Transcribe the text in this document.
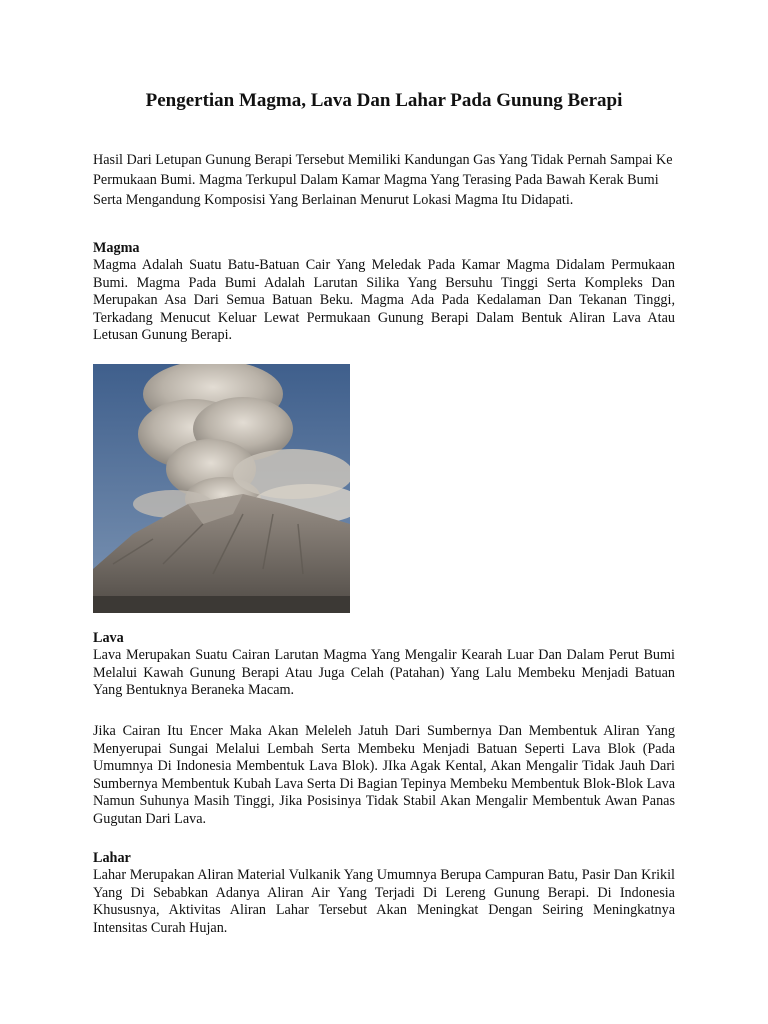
Pengertian Magma, Lava Dan Lahar Pada Gunung Berapi

Hasil Dari Letupan Gunung Berapi Tersebut Memiliki Kandungan Gas Yang Tidak Pernah Sampai Ke Permukaan Bumi. Magma Terkupul Dalam Kamar Magma Yang Terasing Pada Bawah Kerak Bumi Serta Mengandung Komposisi Yang Berlainan Menurut Lokasi Magma Itu Didapati.

Magma

Magma Adalah Suatu Batu-Batuan Cair Yang Meledak Pada Kamar Magma Didalam Permukaan Bumi. Magma Pada Bumi Adalah Larutan Silika Yang Bersuhu Tinggi Serta Kompleks Dan Merupakan Asa Dari Semua Batuan Beku. Magma Ada Pada Kedalaman Dan Tekanan Tinggi, Terkadang Menucut Keluar Lewat Permukaan Gunung Berapi Dalam Bentuk Aliran Lava Atau Letusan Gunung Berapi.

Lava

Lava Merupakan Suatu Cairan Larutan Magma Yang Mengalir Kearah Luar Dan Dalam Perut Bumi Melalui Kawah Gunung Berapi Atau Juga Celah (Patahan) Yang Lalu Membeku Menjadi Batuan Yang Bentuknya Beraneka Macam.

Jika Cairan Itu Encer Maka Akan Meleleh Jatuh Dari Sumbernya Dan Membentuk Aliran Yang Menyerupai Sungai Melalui Lembah Serta Membeku Menjadi Batuan Seperti Lava Blok (Pada Umumnya Di Indonesia Membentuk Lava Blok). JIka Agak Kental, Akan Mengalir Tidak Jauh Dari Sumbernya Membentuk Kubah Lava Serta Di Bagian Tepinya Membeku Membentuk Blok-Blok Lava Namun Suhunya Masih Tinggi, Jika Posisinya Tidak Stabil Akan Mengalir Membentuk Awan Panas Gugutan Dari Lava.

Lahar

Lahar Merupakan Aliran Material Vulkanik Yang Umumnya Berupa Campuran Batu, Pasir Dan Krikil Yang Di Sebabkan Adanya Aliran Air Yang Terjadi Di Lereng Gunung Berapi. Di Indonesia Khususnya, Aktivitas Aliran Lahar Tersebut Akan Meningkat Dengan Seiring Meningkatnya Intensitas Curah Hujan.
